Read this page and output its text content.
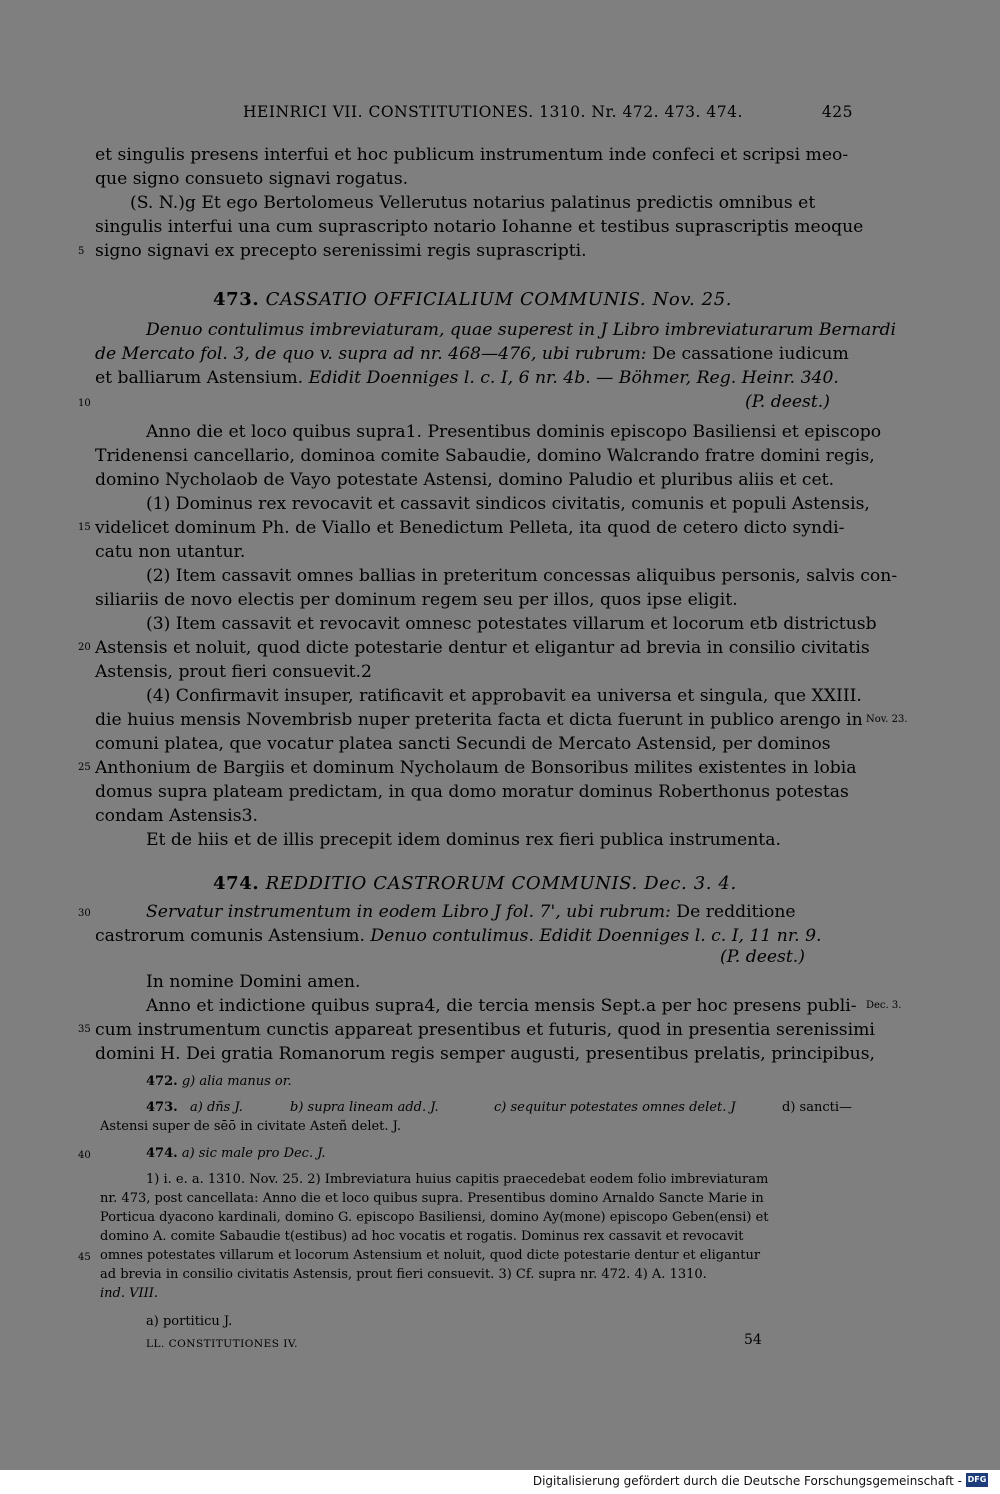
HEINRICI VII. CONSTITUTIONES. 1310. Nr. 472. 473. 474.	425
et singulis presens interfui et hoc publicum instrumentum inde confeci et scripsi meo-
que signo consueto signavi rogatus.
(S. N.)g Et ego Bertolomeus Vellerutus notarius palatinus predictis omnibus et
singulis interfui una cum suprascripto notario Iohanne et testibus suprascriptis meoque
signo signavi ex precepto serenissimi regis suprascripti.
5
473. CASSATIO OFFICIALIUM COMMUNIS. Nov. 25.
Denuo contulimus imbreviaturam, quae superest in J Libro imbreviaturarum Bernardi
de Mercato fol. 3, de quo v. supra ad nr. 468—476, ubi rubrum: De cassatione iudicum
et balliarum Astensium. Edidit Doenniges l. c. I, 6 nr. 4b. — Böhmer, Reg. Heinr. 340.
(P. deest.)
10
Anno die et loco quibus supra1. Presentibus dominis episcopo Basiliensi et episcopo
Tridenensi cancellario, dominoa comite Sabaudie, domino Walcrando fratre domini regis,
domino Nycholaob de Vayo potestate Astensi, domino Paludio et pluribus aliis et cet.
(1) Dominus rex revocavit et cassavit sindicos civitatis, comunis et populi Astensis,
videlicet dominum Ph. de Viallo et Benedictum Pelleta, ita quod de cetero dicto syndi-
15
catu non utantur.
(2) Item cassavit omnes ballias in preteritum concessas aliquibus personis, salvis con-
siliariis de novo electis per dominum regem seu per illos, quos ipse eligit.
(3) Item cassavit et revocavit omnesc potestates villarum et locorum etb districtusb
Astensis et noluit, quod dicte potestarie dentur et eligantur ad brevia in consilio civitatis
20
Astensis, prout fieri consuevit.2
(4) Confirmavit insuper, ratificavit et approbavit ea universa et singula, que XXIII.
die huius mensis Novembrisb nuper preterita facta et dicta fuerunt in publico arengo in Nov. 23.
comuni platea, que vocatur platea sancti Secundi de Mercato Astensid, per dominos
Anthonium de Bargiis et dominum Nycholaum de Bonsoribus milites existentes in lobia
25
domus supra plateam predictam, in qua domo moratur dominus Roberthonus potestas
condam Astensis3.
Et de hiis et de illis precepit idem dominus rex fieri publica instrumenta.
474. REDDITIO CASTRORUM COMMUNIS. Dec. 3. 4.
30	Servatur instrumentum in eodem Libro J fol. 7', ubi rubrum: De redditione
castrorum comunis Astensium. Denuo contulimus. Edidit Doenniges l. c. I, 11 nr. 9.
(P. deest.)
In nomine Domini amen.
Anno et indictione quibus supra4, die tercia mensis Sept.a per hoc presens publi- Dec. 3.
cum instrumentum cunctis appareat presentibus et futuris, quod in presentia serenissimi
35
domini H. Dei gratia Romanorum regis semper augusti, presentibus prelatis, principibus,
472. g) alia manus or.
473. a) dñs J.	b) supra lineam add. J.	c) sequitur potestates omnes delet. J	d) sancti—
Astensi super de sēō in civitate Asteñ delet. J.
40	474. a) sic male pro Dec. J.
1) i. e. a. 1310. Nov. 25. 2) Imbreviatura huius capitis praecedebat eodem folio imbreviaturam
nr. 473, post cancellata: Anno die et loco quibus supra. Presentibus domino Arnaldo Sancte Marie in
Porticua dyacono kardinali, domino G. episcopo Basiliensi, domino Ay(mone) episcopo Geben(ensi) et
domino A. comite Sabaudie t(estibus) ad hoc vocatis et rogatis. Dominus rex cassavit et revocavit
omnes potestates villarum et locorum Astensium et noluit, quod dicte potestarie dentur et eligantur
45
ad brevia in consilio civitatis Astensis, prout fieri consuevit. 3) Cf. supra nr. 472. 4) A. 1310.
ind. VIII.
a) portiticu J.
LL. CONSTITUTIONES IV.	54
Digitalisierung gefördert durch die Deutsche Forschungsgemeinschaft - DFG
